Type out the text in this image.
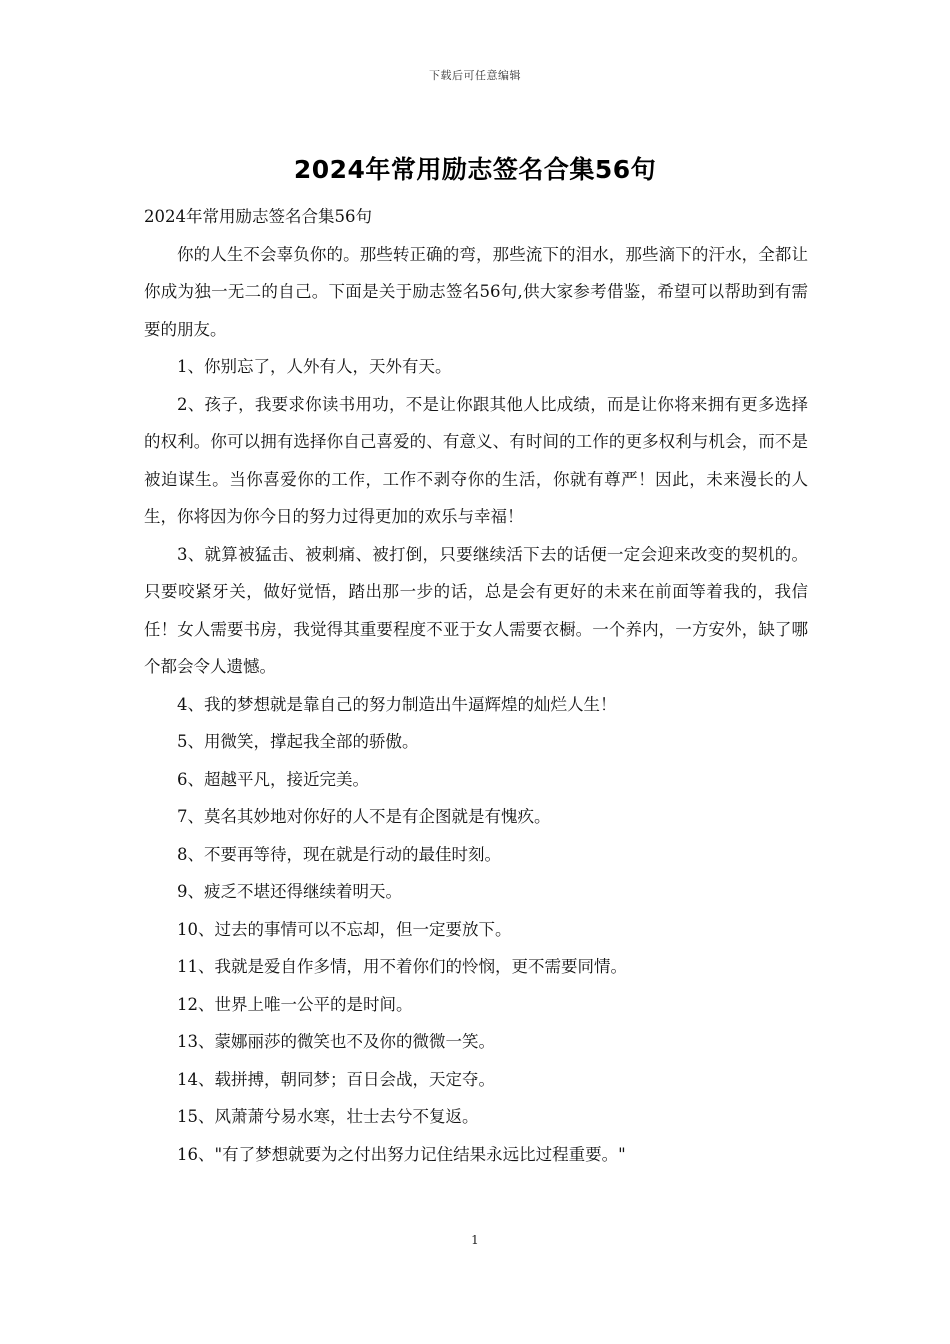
下载后可任意编辑
2024年常用励志签名合集56句

2024年常用励志签名合集56句

你的人生不会辜负你的。那些转正确的弯，那些流下的泪水，那些滴下的汗水，全都让你成为独一无二的自己。下面是关于励志签名56句,供大家参考借鉴，希望可以帮助到有需要的朋友。

1、你别忘了，人外有人，天外有天。

2、孩子，我要求你读书用功，不是让你跟其他人比成绩，而是让你将来拥有更多选择的权利。你可以拥有选择你自己喜爱的、有意义、有时间的工作的更多权利与机会，而不是被迫谋生。当你喜爱你的工作，工作不剥夺你的生活，你就有尊严！因此，未来漫长的人生，你将因为你今日的努力过得更加的欢乐与幸福！

3、就算被猛击、被刺痛、被打倒，只要继续活下去的话便一定会迎来改变的契机的。只要咬紧牙关，做好觉悟，踏出那一步的话，总是会有更好的未来在前面等着我的，我信任！女人需要书房，我觉得其重要程度不亚于女人需要衣橱。一个养内，一方安外，缺了哪个都会令人遗憾。

4、我的梦想就是靠自己的努力制造出牛逼辉煌的灿烂人生！

5、用微笑，撑起我全部的骄傲。

6、超越平凡，接近完美。

7、莫名其妙地对你好的人不是有企图就是有愧疚。

8、不要再等待，现在就是行动的最佳时刻。

9、疲乏不堪还得继续着明天。

10、过去的事情可以不忘却，但一定要放下。

11、我就是爱自作多情，用不着你们的怜悯，更不需要同情。

12、世界上唯一公平的是时间。

13、蒙娜丽莎的微笑也不及你的微微一笑。

14、载拼搏，朝同梦；百日会战，天定夺。

15、风萧萧兮易水寒，壮士去兮不复返。

16、"有了梦想就要为之付出努力记住结果永远比过程重要。"

1
